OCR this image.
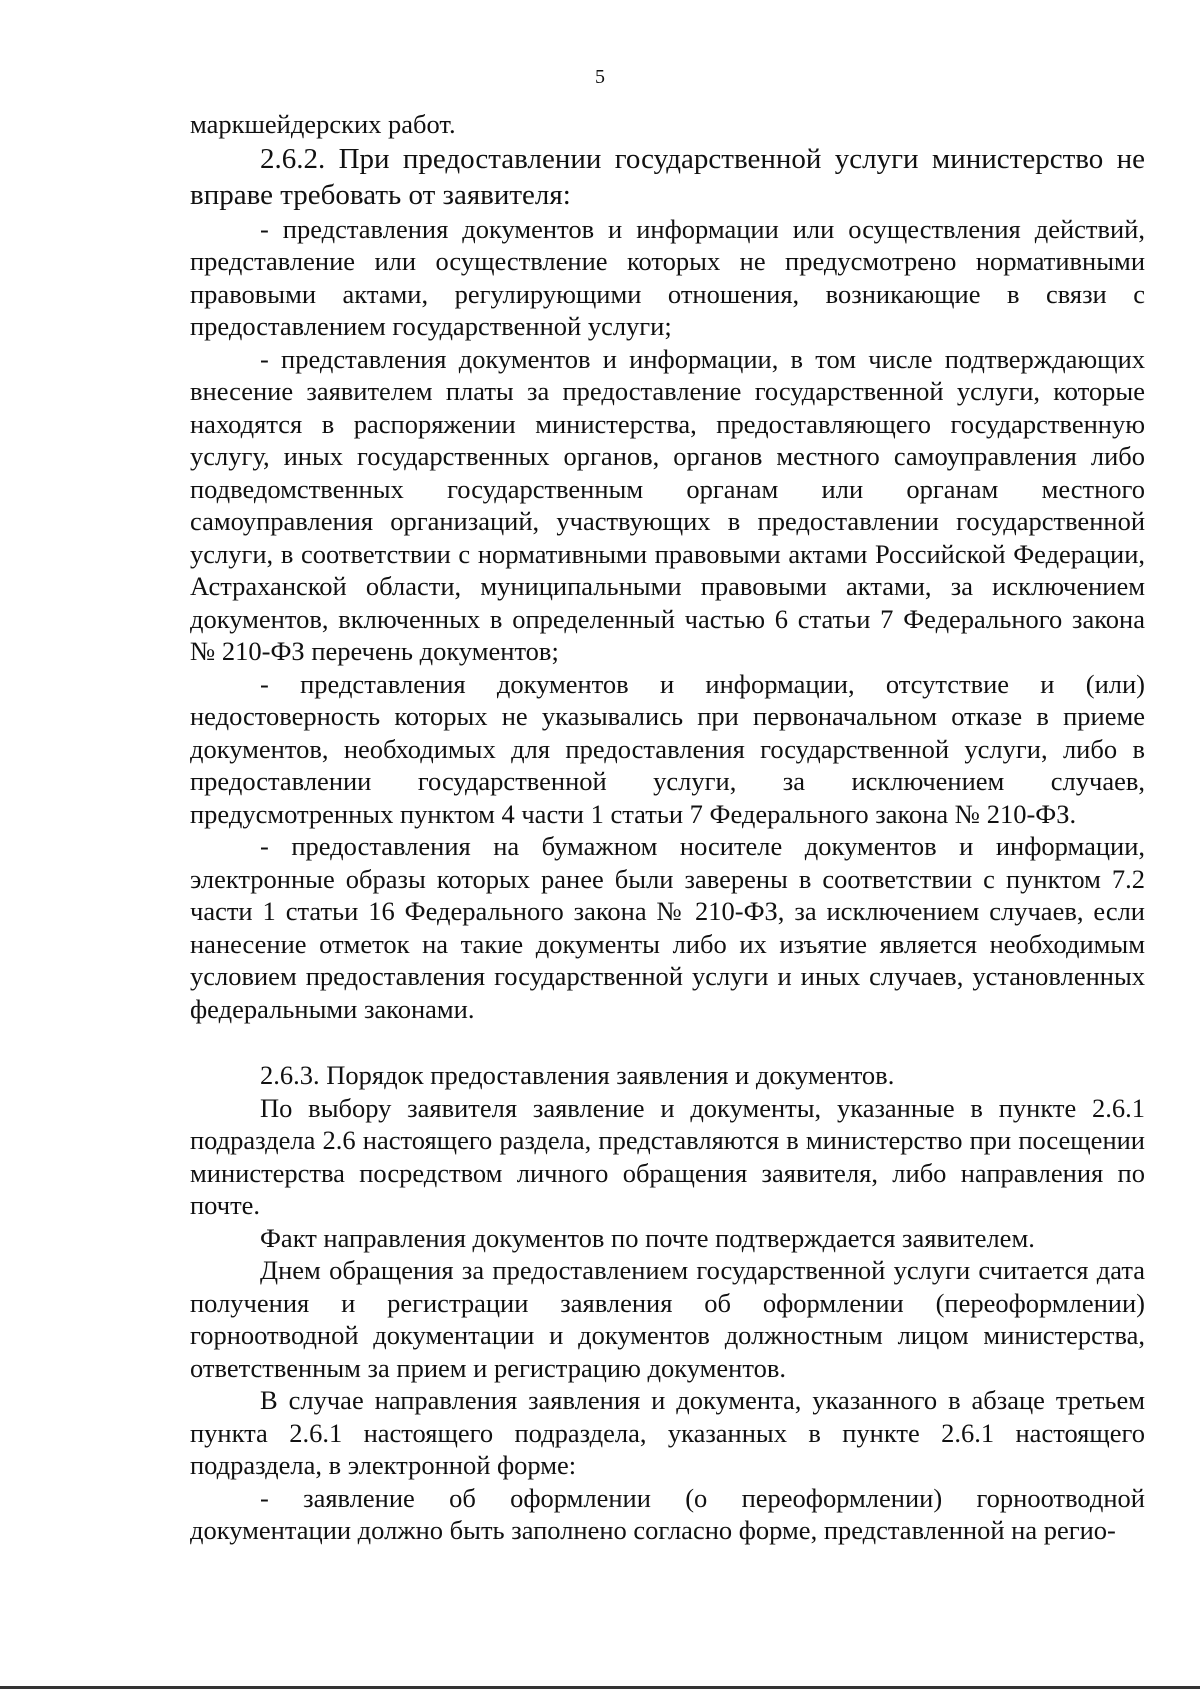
5

маркшейдерских работ.

2.6.2. При предоставлении государственной услуги министерство не вправе требовать от заявителя:

- представления документов и информации или осуществления действий, представление или осуществление которых не предусмотрено нормативными правовыми актами, регулирующими отношения, возникающие в связи с предоставлением государственной услуги;

- представления документов и информации, в том числе подтверждающих внесение заявителем платы за предоставление государственной услуги, которые находятся в распоряжении министерства, предоставляющего государственную услугу, иных государственных органов, органов местного самоуправления либо подведомственных государственным органам или органам местного самоуправления организаций, участвующих в предоставлении государственной услуги, в соответствии с нормативными правовыми актами Российской Федерации, Астраханской области, муниципальными правовыми актами, за исключением документов, включенных в определенный частью 6 статьи 7 Федерального закона № 210-ФЗ перечень документов;

- представления документов и информации, отсутствие и (или) недостоверность которых не указывались при первоначальном отказе в приеме документов, необходимых для предоставления государственной услуги, либо в предоставлении государственной услуги, за исключением случаев, предусмотренных пунктом 4 части 1 статьи 7 Федерального закона № 210-ФЗ.

- предоставления на бумажном носителе документов и информации, электронные образы которых ранее были заверены в соответствии с пунктом 7.2 части 1 статьи 16 Федерального закона № 210-ФЗ, за исключением случаев, если нанесение отметок на такие документы либо их изъятие является необходимым условием предоставления государственной услуги и иных случаев, установленных федеральными законами.

2.6.3. Порядок предоставления заявления и документов.

По выбору заявителя заявление и документы, указанные в пункте 2.6.1 подраздела 2.6 настоящего раздела, представляются в министерство при посещении министерства посредством личного обращения заявителя, либо направления по почте.

Факт направления документов по почте подтверждается заявителем.

Днем обращения за предоставлением государственной услуги считается дата получения и регистрации заявления об оформлении (переоформлении) горноотводной документации и документов должностным лицом министерства, ответственным за прием и регистрацию документов.

В случае направления заявления и документа, указанного в абзаце третьем пункта 2.6.1 настоящего подраздела, указанных в пункте 2.6.1 настоящего подраздела, в электронной форме:

- заявление об оформлении (о переоформлении) горноотводной документации должно быть заполнено согласно форме, представленной на регио-
